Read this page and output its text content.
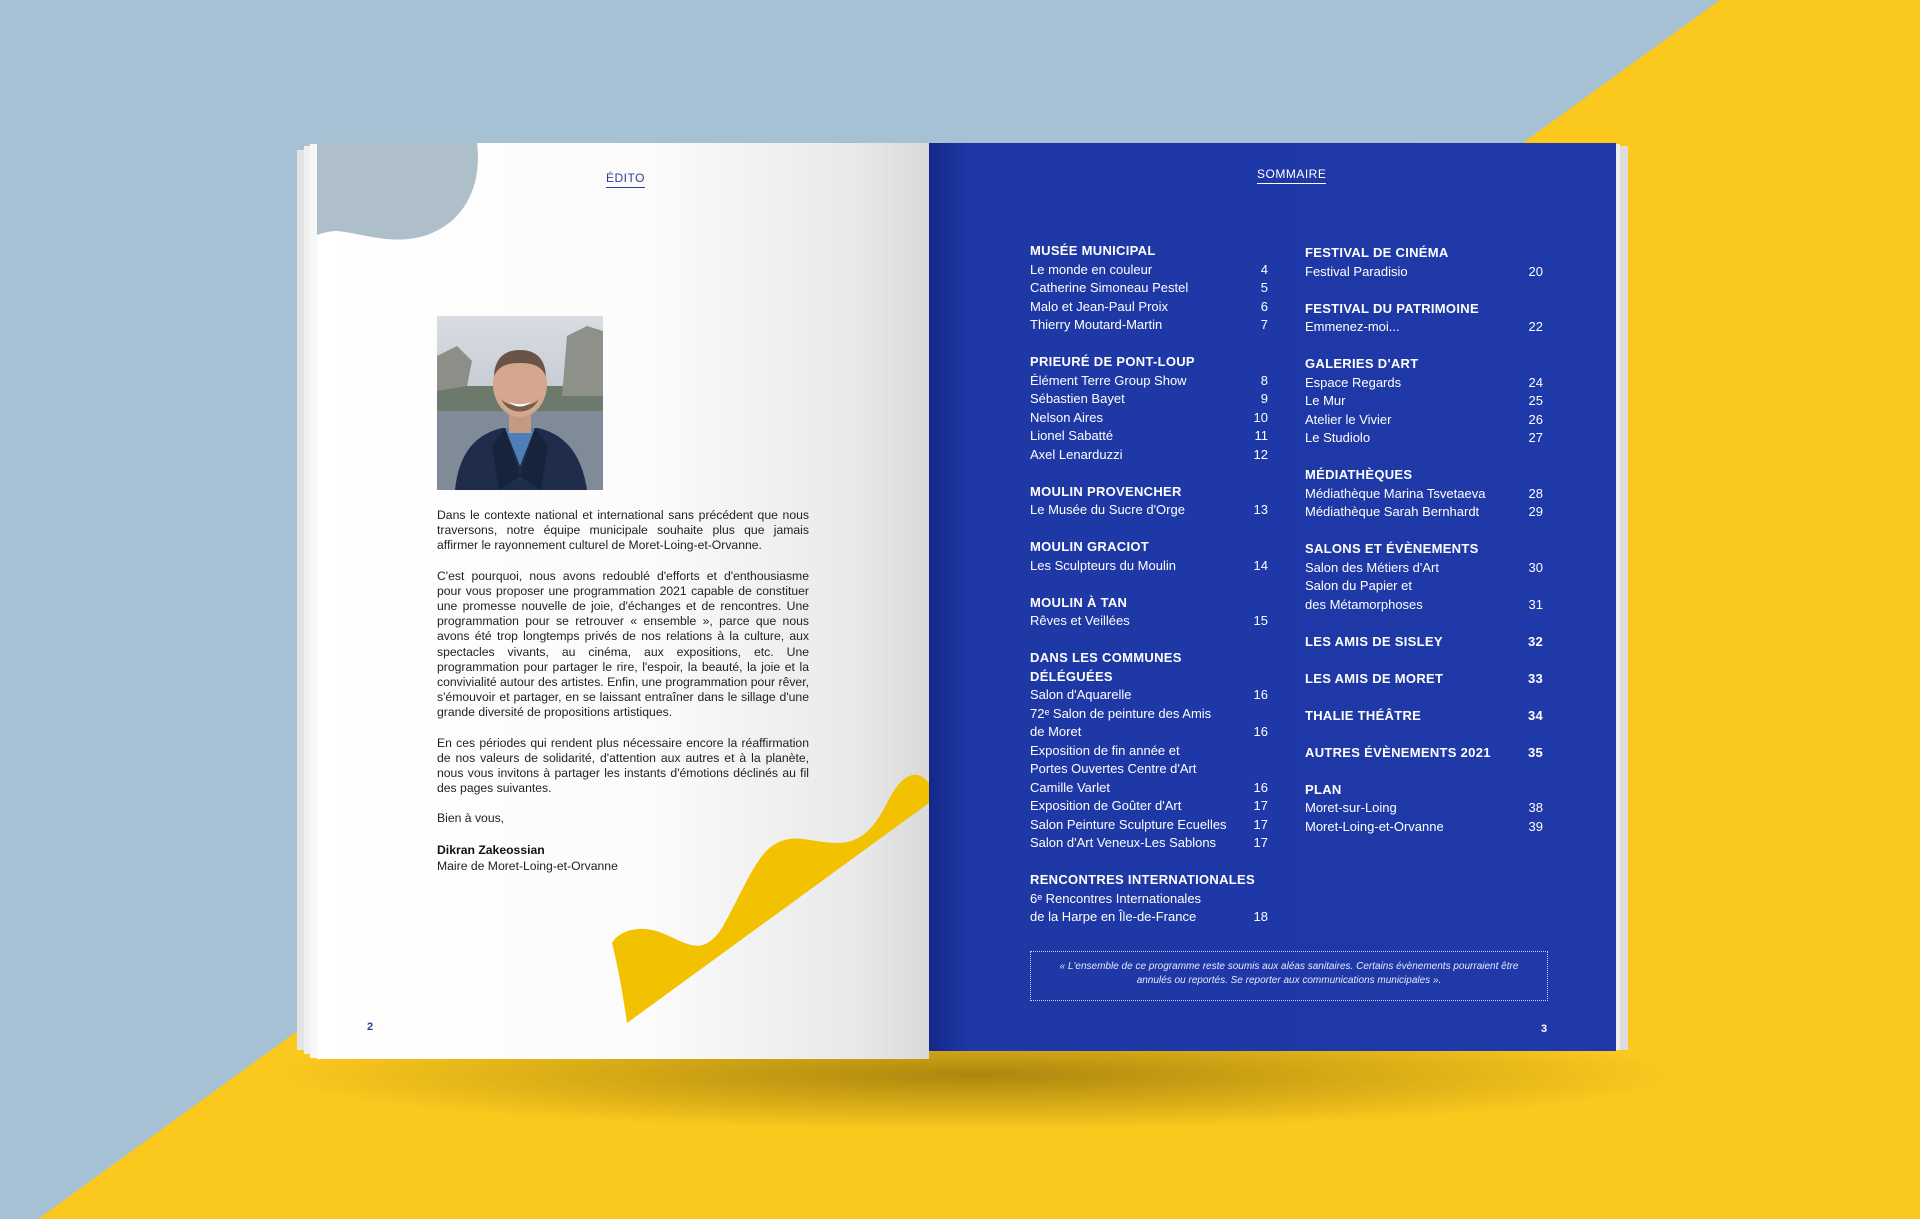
ÉDITO

Dans le contexte national et international sans précédent que nous traversons, notre équipe municipale souhaite plus que jamais affirmer le rayonnement culturel de Moret-Loing-et-Orvanne.

C'est pourquoi, nous avons redoublé d'efforts et d'enthousiasme pour vous proposer une programmation 2021 capable de constituer une promesse nouvelle de joie, d'échanges et de rencontres. Une programmation pour se retrouver « ensemble », parce que nous avons été trop longtemps privés de nos relations à la culture, aux spectacles vivants, au cinéma, aux expositions, etc. Une programmation pour partager le rire, l'espoir, la beauté, la joie et la convivialité autour des artistes. Enfin, une programmation pour rêver, s'émouvoir et partager, en se laissant entraîner dans le sillage d'une grande diversité de propositions artistiques.

En ces périodes qui rendent plus nécessaire encore la réaffirmation de nos valeurs de solidarité, d'attention aux autres et à la planète, nous vous invitons à partager les instants d'émotions déclinés au fil des pages suivantes.

Bien à vous,

Dikran Zakeossian
Maire de Moret-Loing-et-Orvanne
2
SOMMAIRE
MUSÉE MUNICIPAL
Le monde en couleur	4
Catherine Simoneau Pestel	5
Malo et Jean-Paul Proix	6
Thierry Moutard-Martin	7
PRIEURÉ DE PONT-LOUP
Élément Terre Group Show	8
Sébastien Bayet	9
Nelson Aires	10
Lionel Sabatté	11
Axel Lenarduzzi	12
MOULIN PROVENCHER
Le Musée du Sucre d'Orge	13
MOULIN GRACIOT
Les Sculpteurs du Moulin	14
MOULIN À TAN
Rêves et Veillées	15
DANS LES COMMUNES DÉLÉGUÉES
Salon d'Aquarelle	16
72ᵉ Salon de peinture des Amis
de Moret	16
Exposition de fin année et
Portes Ouvertes Centre d'Art
Camille Varlet	16
Exposition de Goûter d'Art	17
Salon Peinture Sculpture Ecuelles 17
Salon d'Art Veneux-Les Sablons	17
RENCONTRES INTERNATIONALES
6ᵉ Rencontres Internationales
de la Harpe en Île-de-France	18
FESTIVAL DE CINÉMA
Festival Paradisio	20
FESTIVAL DU PATRIMOINE
Emmenez-moi...	22
GALERIES D'ART
Espace Regards	24
Le Mur	25
Atelier le Vivier	26
Le Studiolo	27
MÉDIATHÈQUES
Médiathèque Marina Tsvetaeva	28
Médiathèque Sarah Bernhardt	29
SALONS ET ÉVÈNEMENTS
Salon des Métiers d'Art	30
Salon du Papier et
des Métamorphoses	31
LES AMIS DE SISLEY	32
LES AMIS DE MORET	33
THALIE THÉÂTRE	34
AUTRES ÉVÈNEMENTS 2021	35
PLAN
Moret-sur-Loing	38
Moret-Loing-et-Orvanne	39
« L'ensemble de ce programme reste soumis aux aléas sanitaires. Certains évènements pourraient être annulés ou reportés. Se reporter aux communications municipales ».
3
